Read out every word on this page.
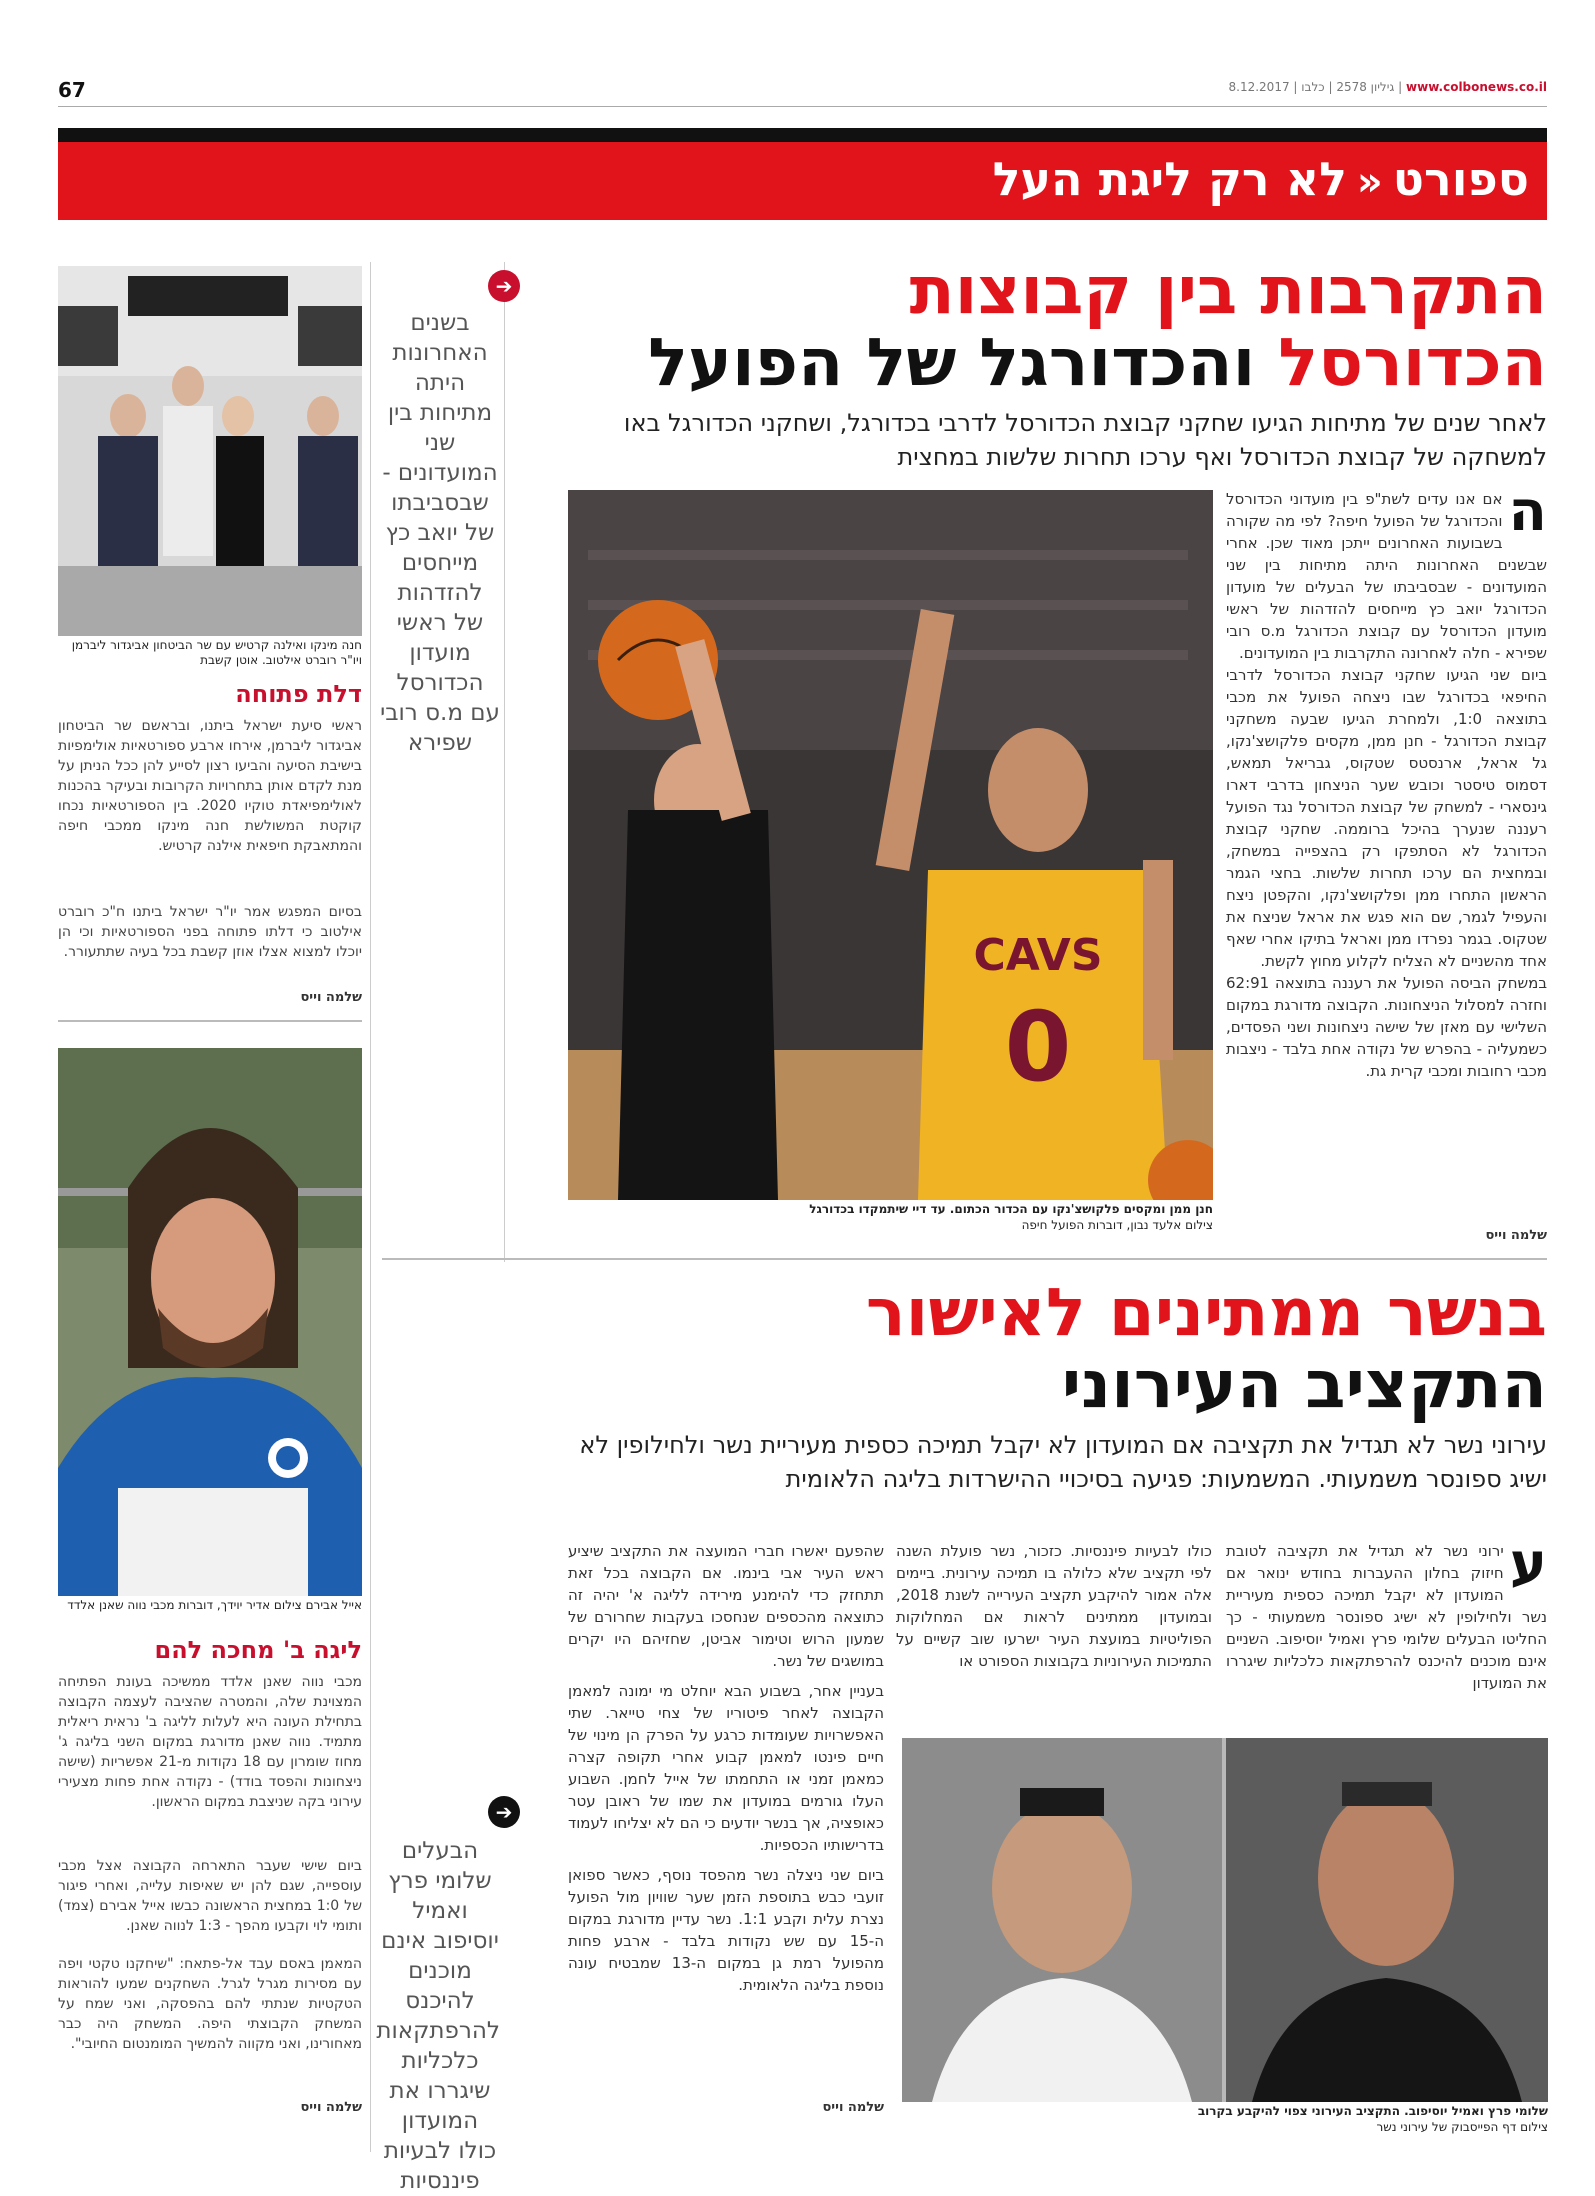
67	8.12.2017 |	גיליון 2578 | כלבו	| www.colbonews.co.il
ספורט«לא רק ליגת העל
חנה מינקו ואילנה קרטיש עם שר הביטחון אביגדור ליברמן ויו"ר רוברט אילטוב. אוטן קשבת
דלת פתוחה
ראשי סיעת ישראל ביתנו, ובראשם שר הביטחון אביגדור ליברמן, אירחו ארבע ספורטאיות אולימפיות בישיבת הסיעה והביעו רצון לסייע להן ככל הניתן על מנת לקדם אותן בתחרויות הקרובות ובעיקר בהכנות לאולימפיאדת טוקיו 2020. בין הספורטאיות נכחו קוקטת המשולשת חנה מינקו ממכבי חיפה והמתאבקת חיפאית אילנה קרטיש.
בסיום המפגש אמר יו"ר ישראל ביתנו ח"כ רוברט אילטוב כי דלתו פתוחה בפני הספורטאיות וכי הן יוכלו למצוא אצלו אוזן קשבת בכל בעיה שתתעורר.
שלמה וייס
אייל אבירם צילום אדיר יוידך, דוברות מכבי נווה שאנן אלדד
ליגה ב' מחכה להם
מכבי נווה שאנן אלדד ממשיכה בעונת הפתיחה המצוינת שלה, והמטרה שהציבה לעצמה הקבוצה בתחילת העונה היא לעלות לליגה ב' נראית ריאלית מתמיד. נווה שאנן מדורגת במקום השני בליגה ג' מחוז שומרון עם 18 נקודות מ-21 אפשריות (שישה ניצחונות והפסד בודד) - נקודה אחת פחות מצעירי עירוני בקה שניצבת במקום הראשון.
ביום שישי שעבר התארחה הקבוצה אצל מכבי עוספייה, שגם להן יש שאיפות עלייה, ואחרי פיגור של 1:0 במחצית הראשונה כבשו אייל אבירם (צמד) ותומי לוי וקבעו מהפך - 1:3 לנווה שאנן.
המאמן באסם עבד אל-פתאח: "שיחקנו טקטי ויפה עם מסירות מגרל לגרל. השחקנים שמעו להוראות הטקטיות שנתתי להם בהפסקה, ואני שמח על המשחק הקבוצתי היפה. המשחק היה כבר מאחורינו, ואני מקווה להמשיך המומנטום החיובי".
שלמה וייס
➔
בשנים האחרונות היתה מתיחות בין שני המועדונים - שבסביבתו של יואב כץ מייחסים להזדהות של ראשי מועדון הכדורסל עם מ.ס רובי שפירא
➔
הבעלים שלומי פרץ ואמיל יוסיפוב אינם מוכנים להיכנס להרפתקאות כלכליות שיגררו את המועדון כולו לבעיות פיננסיות
התקרבות בין קבוצות
הכדורסל והכדורגל של הפועל
לאחר שנים של מתיחות הגיעו שחקני קבוצת הכדורסל לדרבי בכדורגל, ושחקני הכדורגל באו למשחקה של קבוצת הכדורסל ואף ערכו תחרות שלשות במחצית
ה
אם אנו עדים לשת"פ בין מועדוני הכדורסל והכדורגל של הפועל חיפה? לפי מה שקורה בשבועות האחרונים ייתכן מאוד שכן. אחרי שבשנים האחרונות היתה מתיחות בין שני המועדונים - שבסביבתו של הבעלים של מועדון הכדורגל יואב כץ מייחסים להזדהות של ראשי מועדון הכדורסל עם קבוצת הכדורגל מ.ס רובי שפירא - חלה לאחרונה התקרבות בין המועדונים.
ביום שני הגיעו שחקני קבוצת הכדורסל לדרבי החיפאי בכדורגל שבו ניצחה הפועל את מכבי בתוצאה 1:0, ולמחרת הגיעו שבעה משחקני קבוצת הכדורגל - חנן ממן, מקסים פלקושצ'נקו, גל אראל, ארנסטס שטקוס, גבריאל תמאש, דסמוס טיסטר וכובש שער הניצחון בדרבי דארו גינסארי - למשחק של קבוצת הכדורסל נגד הפועל רעננה שנערך בהיכל ברוממה. שחקני קבוצת הכדורגל לא הסתפקו רק בהצפייה במשחק, ובמחצית הם ערכו תחרות שלשות. בחצי הגמר הראשון התחרו ממן ופלקושצ'נקו, והקפטן ניצח והעפיל לגמר, שם הוא פגש את אראל שניצח את שטקוס. בגמר נפרדו ממן ואראל בתיקו אחרי שאף אחד מהשניים לא הצליח לקלוע מחוץ לקשת.
במשחק הביסה הפועל את רעננה בתוצאה 62:91 וחזרה למסלול הניצחונות. הקבוצה מדורגת במקום השלישי עם מאזן של שישה ניצחונות ושני הפסדים, כשמעליה - בהפרש של נקודה אחת בלבד - ניצבות מכבי רחובות ומכבי קרית גת.
שלמה וייס
CAVS
0
חנן ממן ומקסים פלקושצ'נקו עם הכדור הכתום. עד דיי שיתמקדו בכדורגל
צילום אלעד נבון, דוברות הפועל חיפה
בנשר ממתינים לאישור
התקציב העירוני
עירוני נשר לא תגדיל את תקציבה אם המועדון לא יקבל תמיכה כספית מעיריית נשר ולחילופין לא ישיג ספונסר משמעותי. המשמעות: פגיעה בסיכויי ההישרדות בליגה הלאומית
ע
ירוני נשר לא תגדיל את תקציבה לטובת חיזוק בחלון ההעברות בחודש ינואר אם המועדון לא יקבל תמיכה כספית מעיריית נשר ולחילופין לא ישיג ספונסר משמעותי - כך החליטו הבעלים שלומי פרץ ואמיל יוסיפוב. השניים אינם מוכנים להיכנס להרפתקאות כלכליות שיגררו את המועדון
כולו לבעיות פיננסיות. כזכור, נשר פועלת השנה לפי תקציב שלא כלולה בו תמיכה עירונית. ביימים אלה אמור להיקבע תקציב העירייה לשנת 2018, ובמועדון ממתינים לראות אם המחלוקות הפוליטיות במועצת העיר ישרעו שוב קשיים על התמיכות העירוניות בקבוצות הספורט או
שהפעם יאשרו חברי המועצה את התקציב שיציע ראש העיר אבי בינמו. אם הקבוצה בכל זאת תתחזק כדי להימנע מירידה לליגה א' יהיה זה כתוצאה מהכספים שנחסכו בעקבות שחרורם של שמעון הרוש וטימור אביטן, שחזיהם היו יקרים במושגים של נשר.
בעניין אחר, בשבוע הבא יוחלט מי ימונה למאמן הקבוצה לאחר פיטוריו של צחי טייאר. שתי האפשרויות שעומדות כרגע על הפרק הן מינוי של חיים פינטו למאמן קבוע אחרי תקופה קצרה כמאמן זמני או התחמתו של אייל לחמן. השבוע העלו גורמים במועדון את שמו של ראובן עטר כאופציה, אך בנשר יודעים כי הם לא יצליחו לעמוד בדרישותיו הכספיות.
ביום שני ניצלה נשר מהפסד נוסף, כאשר ספואן זועבי כבש בתוספת הזמן שער שוויון מול הפועל נצרת עלית וקבע 1:1. נשר עדיין מדורגת במקום ה-15 עם שש נקודות בלבד - ארבע פחות מהפועל רמת גן במקום ה-13 שמבטיח עונה נוספת בליגה הלאומית.
שלמה וייס	שלומי פרץ ואמיל יוסיפוב. התקציב העירוני צפוי להיקבע בקרוב
צילום דף הפייסבוק של עירוני נשר
